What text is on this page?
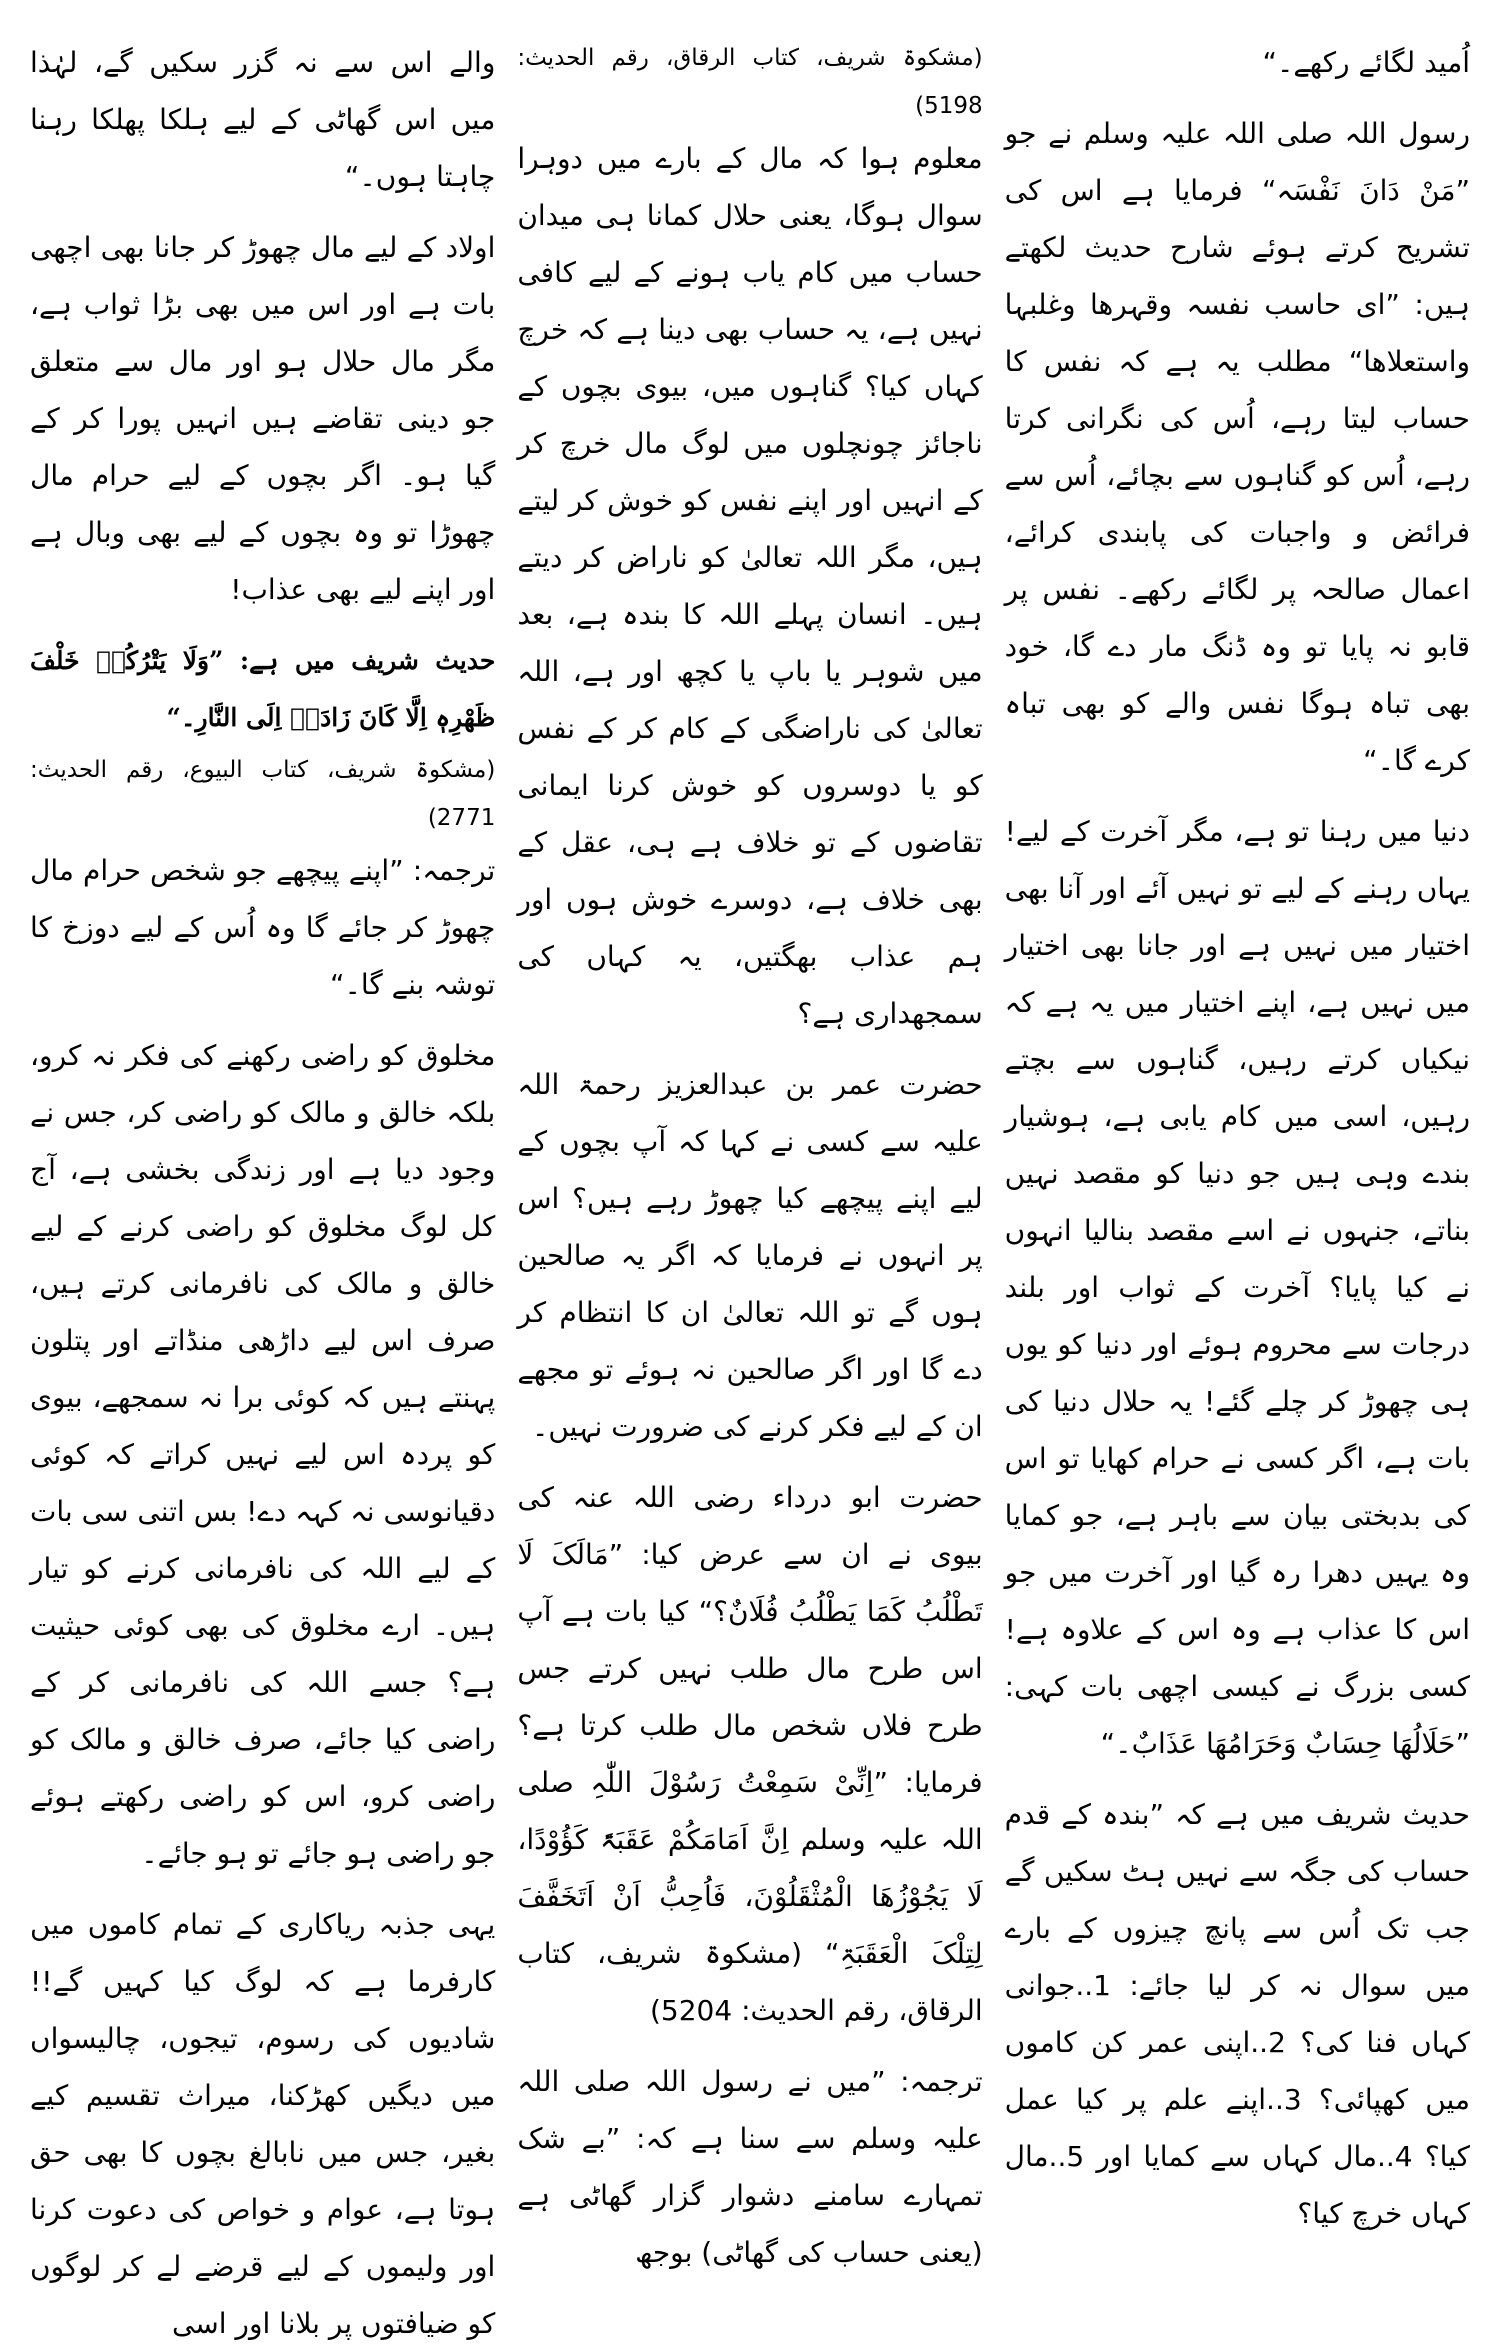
اُمید لگائے رکھے۔“

رسول اللہ صلی اللہ علیہ وسلم نے جو ”مَنْ دَانَ نَفْسَہ“ فرمایا ہے اس کی تشریح کرتے ہوئے شارح حدیث لکھتے ہیں: ”ای حاسب نفسہ وقہرھا وغلبہا واستعلاھا“ مطلب یہ ہے کہ نفس کا حساب لیتا رہے، اُس کی نگرانی کرتا رہے، اُس کو گناہوں سے بچائے، اُس سے فرائض و واجبات کی پابندی کرائے، اعمال صالحہ پر لگائے رکھے۔ نفس پر قابو نہ پایا تو وہ ڈنگ مار دے گا، خود بھی تباہ ہوگا نفس والے کو بھی تباہ کرے گا۔“

دنیا میں رہنا تو ہے، مگر آخرت کے لیے! یہاں رہنے کے لیے تو نہیں آئے اور آنا بھی اختیار میں نہیں ہے اور جانا بھی اختیار میں نہیں ہے، اپنے اختیار میں یہ ہے کہ نیکیاں کرتے رہیں، گناہوں سے بچتے رہیں، اسی میں کام یابی ہے، ہوشیار بندے وہی ہیں جو دنیا کو مقصد نہیں بناتے، جنہوں نے اسے مقصد بنالیا انہوں نے کیا پایا؟ آخرت کے ثواب اور بلند درجات سے محروم ہوئے اور دنیا کو یوں ہی چھوڑ کر چلے گئے! یہ حلال دنیا کی بات ہے، اگر کسی نے حرام کھایا تو اس کی بدبختی بیان سے باہر ہے، جو کمایا وہ یہیں دھرا رہ گیا اور آخرت میں جو اس کا عذاب ہے وہ اس کے علاوہ ہے! کسی بزرگ نے کیسی اچھی بات کہی: ”حَلَالُھَا حِسَابٌ وَحَرَامُھَا عَذَابٌ۔“

حدیث شریف میں ہے کہ ”بندہ کے قدم حساب کی جگہ سے نہیں ہٹ سکیں گے جب تک اُس سے پانچ چیزوں کے بارے میں سوال نہ کر لیا جائے: 1..جوانی کہاں فنا کی؟ 2..اپنی عمر کن کاموں میں کھپائی؟ 3..اپنے علم پر کیا عمل کیا؟ 4..مال کہاں سے کمایا اور 5..مال کہاں خرچ کیا؟

(مشکوۃ شریف، کتاب الرقاق، رقم الحدیث: 5198)

معلوم ہوا کہ مال کے بارے میں دوہرا سوال ہوگا، یعنی حلال کمانا ہی میدان حساب میں کام یاب ہونے کے لیے کافی نہیں ہے، یہ حساب بھی دینا ہے کہ خرچ کہاں کیا؟ گناہوں میں، بیوی بچوں کے ناجائز چونچلوں میں لوگ مال خرچ کر کے انہیں اور اپنے نفس کو خوش کر لیتے ہیں، مگر اللہ تعالیٰ کو ناراض کر دیتے ہیں۔ انسان پہلے اللہ کا بندہ ہے، بعد میں شوہر یا باپ یا کچھ اور ہے، اللہ تعالیٰ کی ناراضگی کے کام کر کے نفس کو یا دوسروں کو خوش کرنا ایمانی تقاضوں کے تو خلاف ہے ہی، عقل کے بھی خلاف ہے، دوسرے خوش ہوں اور ہم عذاب بھگتیں، یہ کہاں کی سمجھداری ہے؟

حضرت عمر بن عبدالعزیز رحمۃ اللہ علیہ سے کسی نے کہا کہ آپ بچوں کے لیے اپنے پیچھے کیا چھوڑ رہے ہیں؟ اس پر انہوں نے فرمایا کہ اگر یہ صالحین ہوں گے تو اللہ تعالیٰ ان کا انتظام کر دے گا اور اگر صالحین نہ ہوئے تو مجھے ان کے لیے فکر کرنے کی ضرورت نہیں۔

حضرت ابو درداء رضی اللہ عنہ کی بیوی نے ان سے عرض کیا: ”مَالَکَ لَا تَطْلُبُ کَمَا یَطْلُبُ فُلَانٌ؟“ کیا بات ہے آپ اس طرح مال طلب نہیں کرتے جس طرح فلاں شخص مال طلب کرتا ہے؟ فرمایا: ”اِنِّیْ سَمِعْتُ رَسُوْلَ اللّٰہِ صلی اللہ علیہ وسلم اِنَّ اَمَامَکُمْ عَقَبَۃً کَؤُوْدًا، لَا یَجُوْزُھَا الْمُثْقَلُوْنَ، فَاُحِبُّ اَنْ اَتَخَفَّفَ لِتِلْکَ الْعَقَبَۃِ“ (مشکوۃ شریف، کتاب الرقاق، رقم الحدیث: 5204)

ترجمہ: ”میں نے رسول اللہ صلی اللہ علیہ وسلم سے سنا ہے کہ: ”بے شک تمہارے سامنے دشوار گزار گھاٹی ہے (یعنی حساب کی گھاٹی) بوجھ

والے اس سے نہ گزر سکیں گے، لہٰذا میں اس گھاٹی کے لیے ہلکا پھلکا رہنا چاہتا ہوں۔“

اولاد کے لیے مال چھوڑ کر جانا بھی اچھی بات ہے اور اس میں بھی بڑا ثواب ہے، مگر مال حلال ہو اور مال سے متعلق جو دینی تقاضے ہیں انہیں پورا کر کے گیا ہو۔ اگر بچوں کے لیے حرام مال چھوڑا تو وہ بچوں کے لیے بھی وبال ہے اور اپنے لیے بھی عذاب!

حدیث شریف میں ہے: ”وَلَا یَتْرُکُہٗ خَلْفَ ظَھْرِہٖ اِلَّا کَانَ زَادَہٗ اِلَی النَّارِ۔“

(مشکوۃ شریف، کتاب البیوع، رقم الحدیث: 2771)

ترجمہ: ”اپنے پیچھے جو شخص حرام مال چھوڑ کر جائے گا وہ اُس کے لیے دوزخ کا توشہ بنے گا۔“

مخلوق کو راضی رکھنے کی فکر نہ کرو، بلکہ خالق و مالک کو راضی کر، جس نے وجود دیا ہے اور زندگی بخشی ہے، آج کل لوگ مخلوق کو راضی کرنے کے لیے خالق و مالک کی نافرمانی کرتے ہیں، صرف اس لیے داڑھی منڈاتے اور پتلون پہنتے ہیں کہ کوئی برا نہ سمجھے، بیوی کو پردہ اس لیے نہیں کراتے کہ کوئی دقیانوسی نہ کہہ دے! بس اتنی سی بات کے لیے اللہ کی نافرمانی کرنے کو تیار ہیں۔ ارے مخلوق کی بھی کوئی حیثیت ہے؟ جسے اللہ کی نافرمانی کر کے راضی کیا جائے، صرف خالق و مالک کو راضی کرو، اس کو راضی رکھتے ہوئے جو راضی ہو جائے تو ہو جائے۔

یہی جذبہ ریاکاری کے تمام کاموں میں کارفرما ہے کہ لوگ کیا کہیں گے!! شادیوں کی رسوم، تیجوں، چالیسواں میں دیگیں کھڑکنا، میراث تقسیم کیے بغیر، جس میں نابالغ بچوں کا بھی حق ہوتا ہے، عوام و خواص کی دعوت کرنا اور ولیموں کے لیے قرضے لے کر لوگوں کو ضیافتوں پر بلانا اور اسی
